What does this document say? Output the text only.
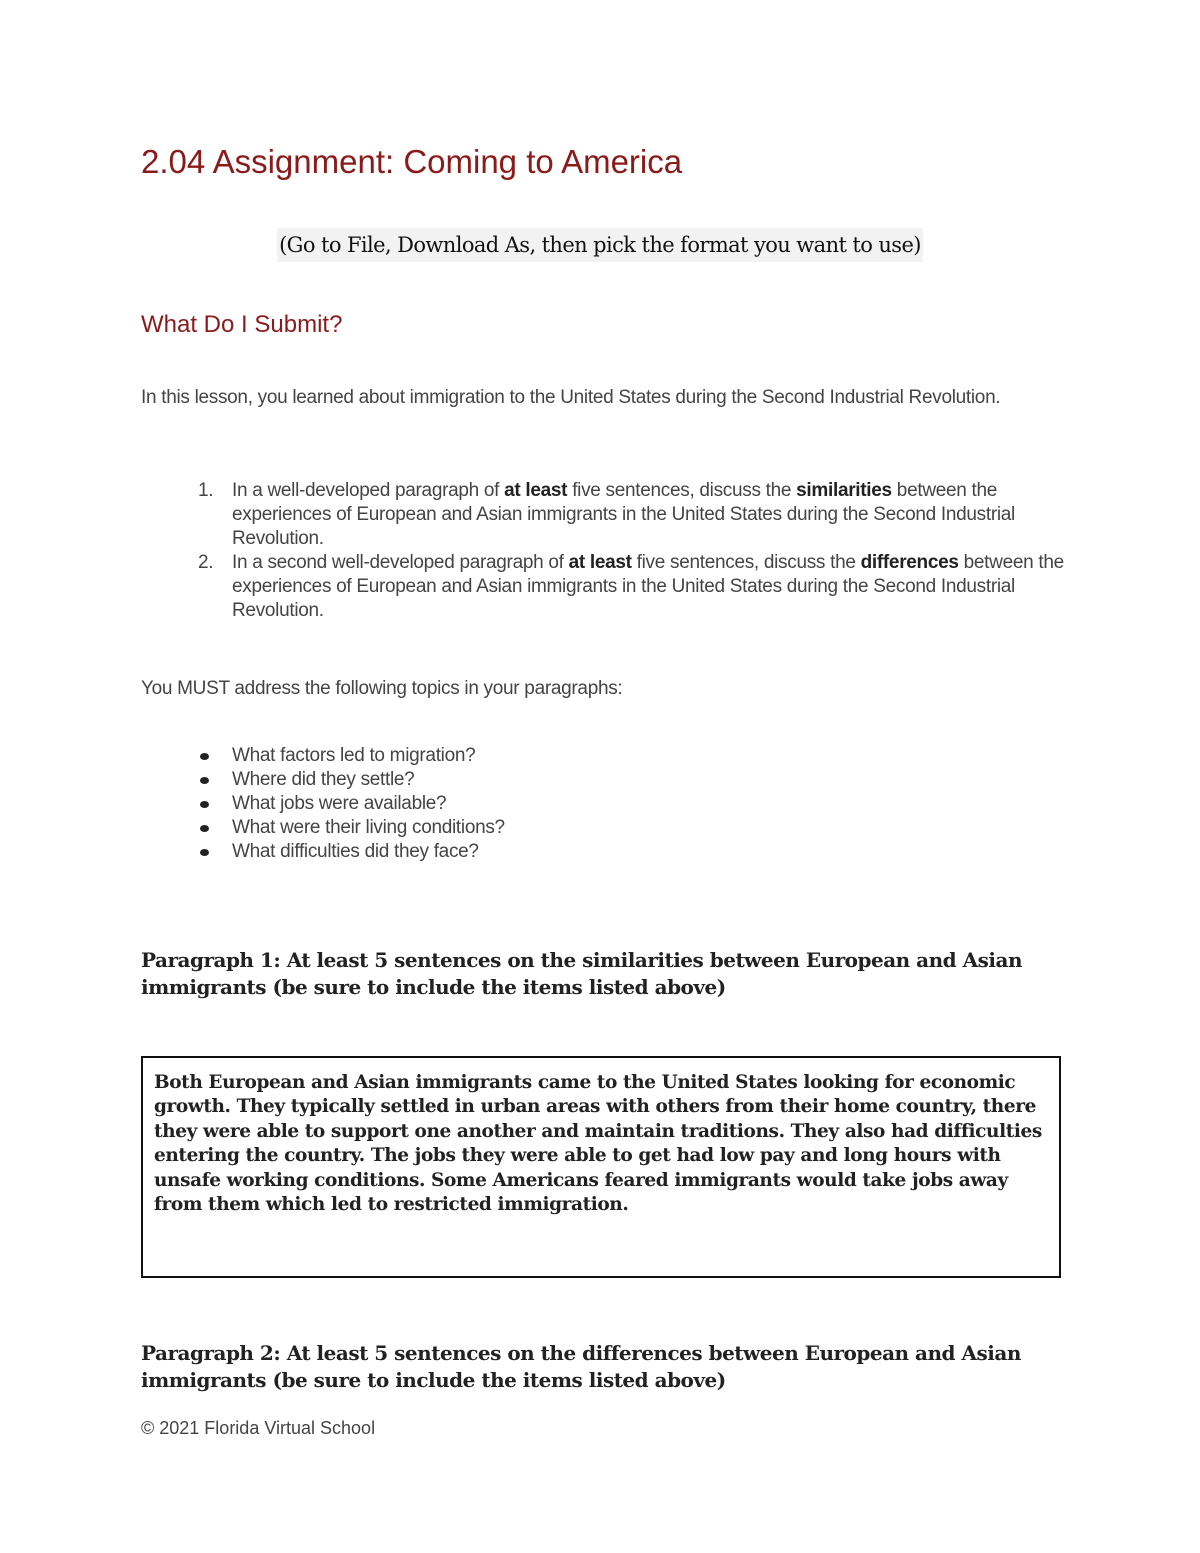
2.04 Assignment: Coming to America
(Go to File, Download As, then pick the format you want to use)
What Do I Submit?

In this lesson, you learned about immigration to the United States during the Second Industrial Revolution.

1. In a well-developed paragraph of at least five sentences, discuss the similarities between the experiences of European and Asian immigrants in the United States during the Second Industrial Revolution.
2. In a second well-developed paragraph of at least five sentences, discuss the differences between the experiences of European and Asian immigrants in the United States during the Second Industrial Revolution.

You MUST address the following topics in your paragraphs:

What factors led to migration?
Where did they settle?
What jobs were available?
What were their living conditions?
What difficulties did they face?

Paragraph 1: At least 5 sentences on the similarities between European and Asian immigrants (be sure to include the items listed above)

Both European and Asian immigrants came to the United States looking for economic growth. They typically settled in urban areas with others from their home country, there they were able to support one another and maintain traditions. They also had difficulties entering the country. The jobs they were able to get had low pay and long hours with unsafe working conditions. Some Americans feared immigrants would take jobs away from them which led to restricted immigration.

Paragraph 2: At least 5 sentences on the differences between European and Asian immigrants (be sure to include the items listed above)

© 2021 Florida Virtual School
